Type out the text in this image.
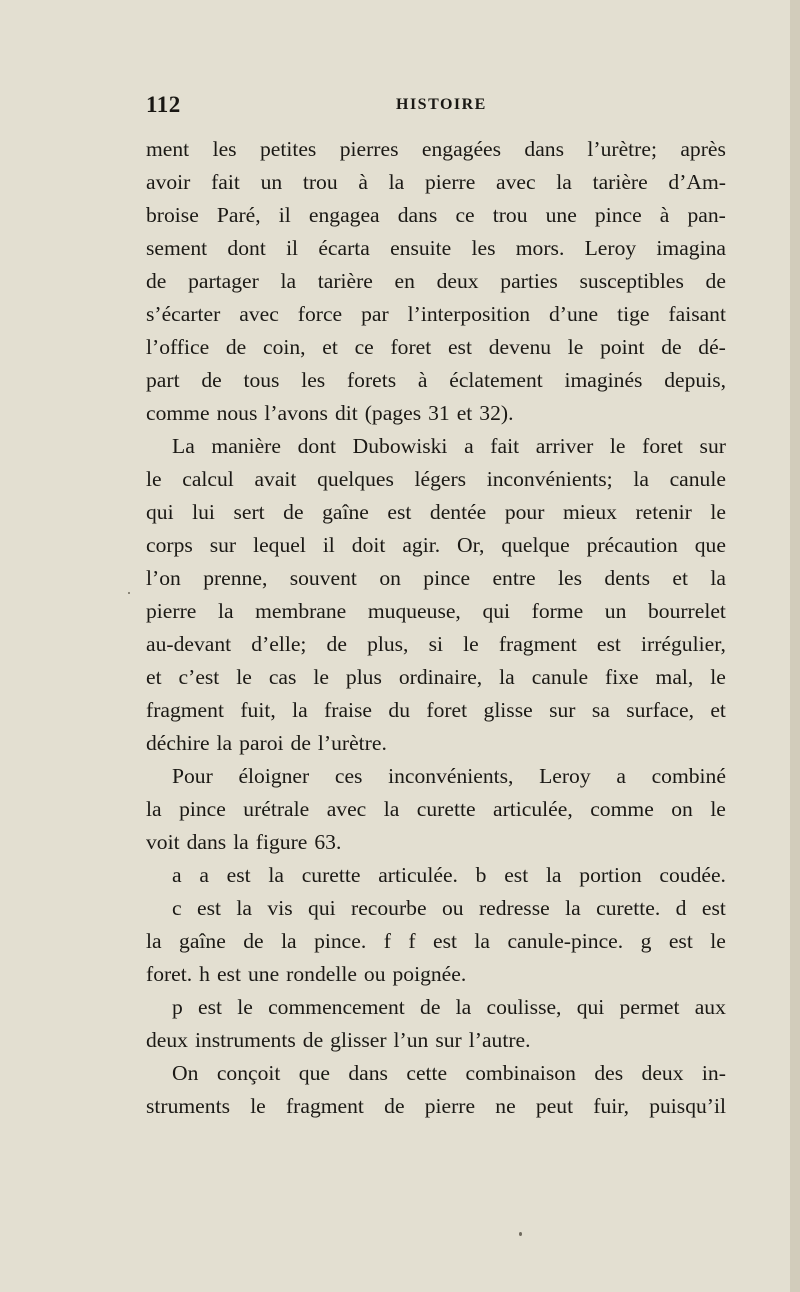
112	HISTOIRE
ment les petites pierres engagées dans l’urètre; après
avoir fait un trou à la pierre avec la tarière d’Am-
broise Paré, il engagea dans ce trou une pince à pan-
sement dont il écarta ensuite les mors. Leroy imagina
de partager la tarière en deux parties susceptibles de
s’écarter avec force par l’interposition d’une tige faisant
l’office de coin, et ce foret est devenu le point de dé-
part de tous les forets à éclatement imaginés depuis,
comme nous l’avons dit (pages 31 et 32).
La manière dont Dubowiski a fait arriver le foret sur
le calcul avait quelques légers inconvénients; la canule
qui lui sert de gaîne est dentée pour mieux retenir le
corps sur lequel il doit agir. Or, quelque précaution que
l’on prenne, souvent on pince entre les dents et la
pierre la membrane muqueuse, qui forme un bourrelet
au-devant d’elle; de plus, si le fragment est irrégulier,
et c’est le cas le plus ordinaire, la canule fixe mal, le
fragment fuit, la fraise du foret glisse sur sa surface, et
déchire la paroi de l’urètre.
Pour éloigner ces inconvénients, Leroy a combiné
la pince urétrale avec la curette articulée, comme on le
voit dans la figure 63.
a a est la curette articulée. b est la portion coudée.
c est la vis qui recourbe ou redresse la curette. d est
la gaîne de la pince. f f est la canule-pince. g est le
foret. h est une rondelle ou poignée.
p est le commencement de la coulisse, qui permet aux
deux instruments de glisser l’un sur l’autre.
On conçoit que dans cette combinaison des deux in-
struments le fragment de pierre ne peut fuir, puisqu’il
